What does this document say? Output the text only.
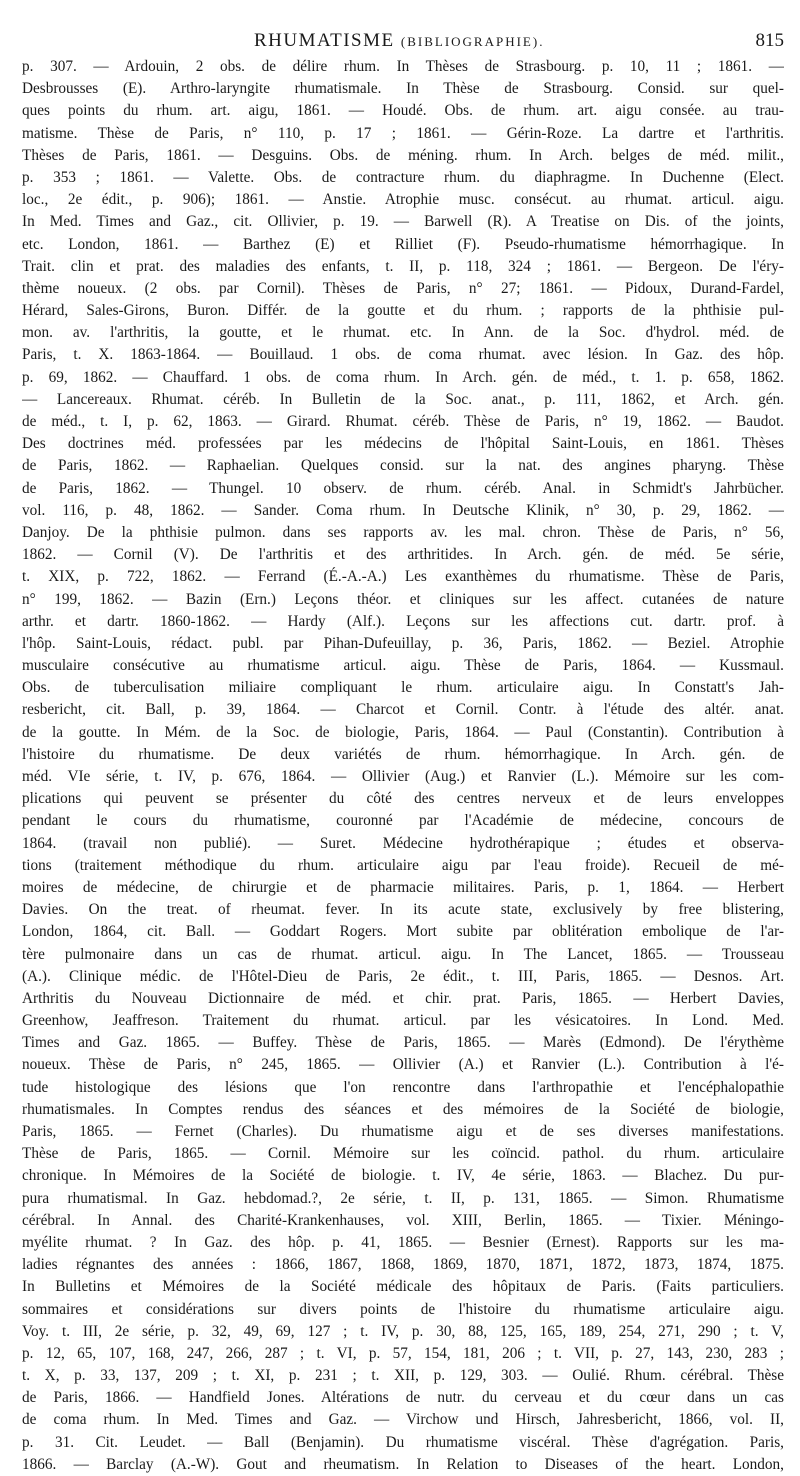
RHUMATISME (BIBLIOGRAPHIE).	815
p. 307. — Ardouin, 2 obs. de délire rhum. In Thèses de Strasbourg. p. 10, 11 ; 1861. —
Desbrousses (E). Arthro-laryngite rhumatismale. In Thèse de Strasbourg. Consid. sur quel-
ques points du rhum. art. aigu, 1861. — Houdé. Obs. de rhum. art. aigu consée. au trau-
matisme. Thèse de Paris, n° 110, p. 17 ; 1861. — Gérin-Roze. La dartre et l'arthritis.
Thèses de Paris, 1861. — Desguins. Obs. de méning. rhum. In Arch. belges de méd. milit.,
p. 353 ; 1861. — Valette. Obs. de contracture rhum. du diaphragme. In Duchenne (Elect.
loc., 2e édit., p. 906); 1861. — Anstie. Atrophie musc. consécut. au rhumat. articul. aigu.
In Med. Times and Gaz., cit. Ollivier, p. 19. — Barwell (R). A Treatise on Dis. of the joints,
etc. London, 1861. — Barthez (E) et Rilliet (F). Pseudo-rhumatisme hémorrhagique. In
Trait. clin et prat. des maladies des enfants, t. II, p. 118, 324 ; 1861. — Bergeon. De l'éry-
thème noueux. (2 obs. par Cornil). Thèses de Paris, n° 27; 1861. — Pidoux, Durand-Fardel,
Hérard, Sales-Girons, Buron. Différ. de la goutte et du rhum. ; rapports de la phthisie pul-
mon. av. l'arthritis, la goutte, et le rhumat. etc. In Ann. de la Soc. d'hydrol. méd. de
Paris, t. X. 1863-1864. — Bouillaud. 1 obs. de coma rhumat. avec lésion. In Gaz. des hôp.
p. 69, 1862. — Chauffard. 1 obs. de coma rhum. In Arch. gén. de méd., t. 1. p. 658, 1862.
— Lancereaux. Rhumat. céréb. In Bulletin de la Soc. anat., p. 111, 1862, et Arch. gén.
de méd., t. I, p. 62, 1863. — Girard. Rhumat. céréb. Thèse de Paris, n° 19, 1862. — Baudot.
Des doctrines méd. professées par les médecins de l'hôpital Saint-Louis, en 1861. Thèses
de Paris, 1862. — Raphaelian. Quelques consid. sur la nat. des angines pharyng. Thèse
de Paris, 1862. — Thungel. 10 observ. de rhum. céréb. Anal. in Schmidt's Jahrbücher.
vol. 116, p. 48, 1862. — Sander. Coma rhum. In Deutsche Klinik, n° 30, p. 29, 1862. —
Danjoy. De la phthisie pulmon. dans ses rapports av. les mal. chron. Thèse de Paris, n° 56,
1862. — Cornil (V). De l'arthritis et des arthritides. In Arch. gén. de méd. 5e série,
t. XIX, p. 722, 1862. — Ferrand (É.-A.-A.) Les exanthèmes du rhumatisme. Thèse de Paris,
n° 199, 1862. — Bazin (Ern.) Leçons théor. et cliniques sur les affect. cutanées de nature
arthr. et dartr. 1860-1862. — Hardy (Alf.). Leçons sur les affections cut. dartr. prof. à
l'hôp. Saint-Louis, rédact. publ. par Pihan-Dufeuillay, p. 36, Paris, 1862. — Beziel. Atrophie
musculaire consécutive au rhumatisme articul. aigu. Thèse de Paris, 1864. — Kussmaul.
Obs. de tuberculisation miliaire compliquant le rhum. articulaire aigu. In Constatt's Jah-
resbericht, cit. Ball, p. 39, 1864. — Charcot et Cornil. Contr. à l'étude des altér. anat.
de la goutte. In Mém. de la Soc. de biologie, Paris, 1864. — Paul (Constantin). Contribution à
l'histoire du rhumatisme. De deux variétés de rhum. hémorrhagique. In Arch. gén. de
méd. VIe série, t. IV, p. 676, 1864. — Ollivier (Aug.) et Ranvier (L.). Mémoire sur les com-
plications qui peuvent se présenter du côté des centres nerveux et de leurs enveloppes
pendant le cours du rhumatisme, couronné par l'Académie de médecine, concours de
1864. (travail non publié). — Suret. Médecine hydrothérapique ; études et observa-
tions (traitement méthodique du rhum. articulaire aigu par l'eau froide). Recueil de mé-
moires de médecine, de chirurgie et de pharmacie militaires. Paris, p. 1, 1864. — Herbert
Davies. On the treat. of rheumat. fever. In its acute state, exclusively by free blistering,
London, 1864, cit. Ball. — Goddart Rogers. Mort subite par oblitération embolique de l'ar-
tère pulmonaire dans un cas de rhumat. articul. aigu. In The Lancet, 1865. — Trousseau
(A.). Clinique médic. de l'Hôtel-Dieu de Paris, 2e édit., t. III, Paris, 1865. — Desnos. Art.
Arthritis du Nouveau Dictionnaire de méd. et chir. prat. Paris, 1865. — Herbert Davies,
Greenhow, Jeaffreson. Traitement du rhumat. articul. par les vésicatoires. In Lond. Med.
Times and Gaz. 1865. — Buffey. Thèse de Paris, 1865. — Marès (Edmond). De l'érythème
noueux. Thèse de Paris, n° 245, 1865. — Ollivier (A.) et Ranvier (L.). Contribution à l'é-
tude histologique des lésions que l'on rencontre dans l'arthropathie et l'encéphalopathie
rhumatismales. In Comptes rendus des séances et des mémoires de la Société de biologie,
Paris, 1865. — Fernet (Charles). Du rhumatisme aigu et de ses diverses manifestations.
Thèse de Paris, 1865. — Cornil. Mémoire sur les coïncid. pathol. du rhum. articulaire
chronique. In Mémoires de la Société de biologie. t. IV, 4e série, 1863. — Blachez. Du pur-
pura rhumatismal. In Gaz. hebdomad.?, 2e série, t. II, p. 131, 1865. — Simon. Rhumatisme
cérébral. In Annal. des Charité-Krankenhauses, vol. XIII, Berlin, 1865. — Tixier. Méningo-
myélite rhumat. ? In Gaz. des hôp. p. 41, 1865. — Besnier (Ernest). Rapports sur les ma-
ladies régnantes des années : 1866, 1867, 1868, 1869, 1870, 1871, 1872, 1873, 1874, 1875.
In Bulletins et Mémoires de la Société médicale des hôpitaux de Paris. (Faits particuliers.
sommaires et considérations sur divers points de l'histoire du rhumatisme articulaire aigu.
Voy. t. III, 2e série, p. 32, 49, 69, 127 ; t. IV, p. 30, 88, 125, 165, 189, 254, 271, 290 ; t. V,
p. 12, 65, 107, 168, 247, 266, 287 ; t. VI, p. 57, 154, 181, 206 ; t. VII, p. 27, 143, 230, 283 ;
t. X, p. 33, 137, 209 ; t. XI, p. 231 ; t. XII, p. 129, 303. — Oulié. Rhum. cérébral. Thèse
de Paris, 1866. — Handfield Jones. Altérations de nutr. du cerveau et du cœur dans un cas
de coma rhum. In Med. Times and Gaz. — Virchow und Hirsch, Jahresbericht, 1866, vol. II,
p. 31. Cit. Leudet. — Ball (Benjamin). Du rhumatisme viscéral. Thèse d'agrégation. Paris,
1866. — Barclay (A.-W). Gout and rheumatism. In Relation to Diseases of the heart. London,
